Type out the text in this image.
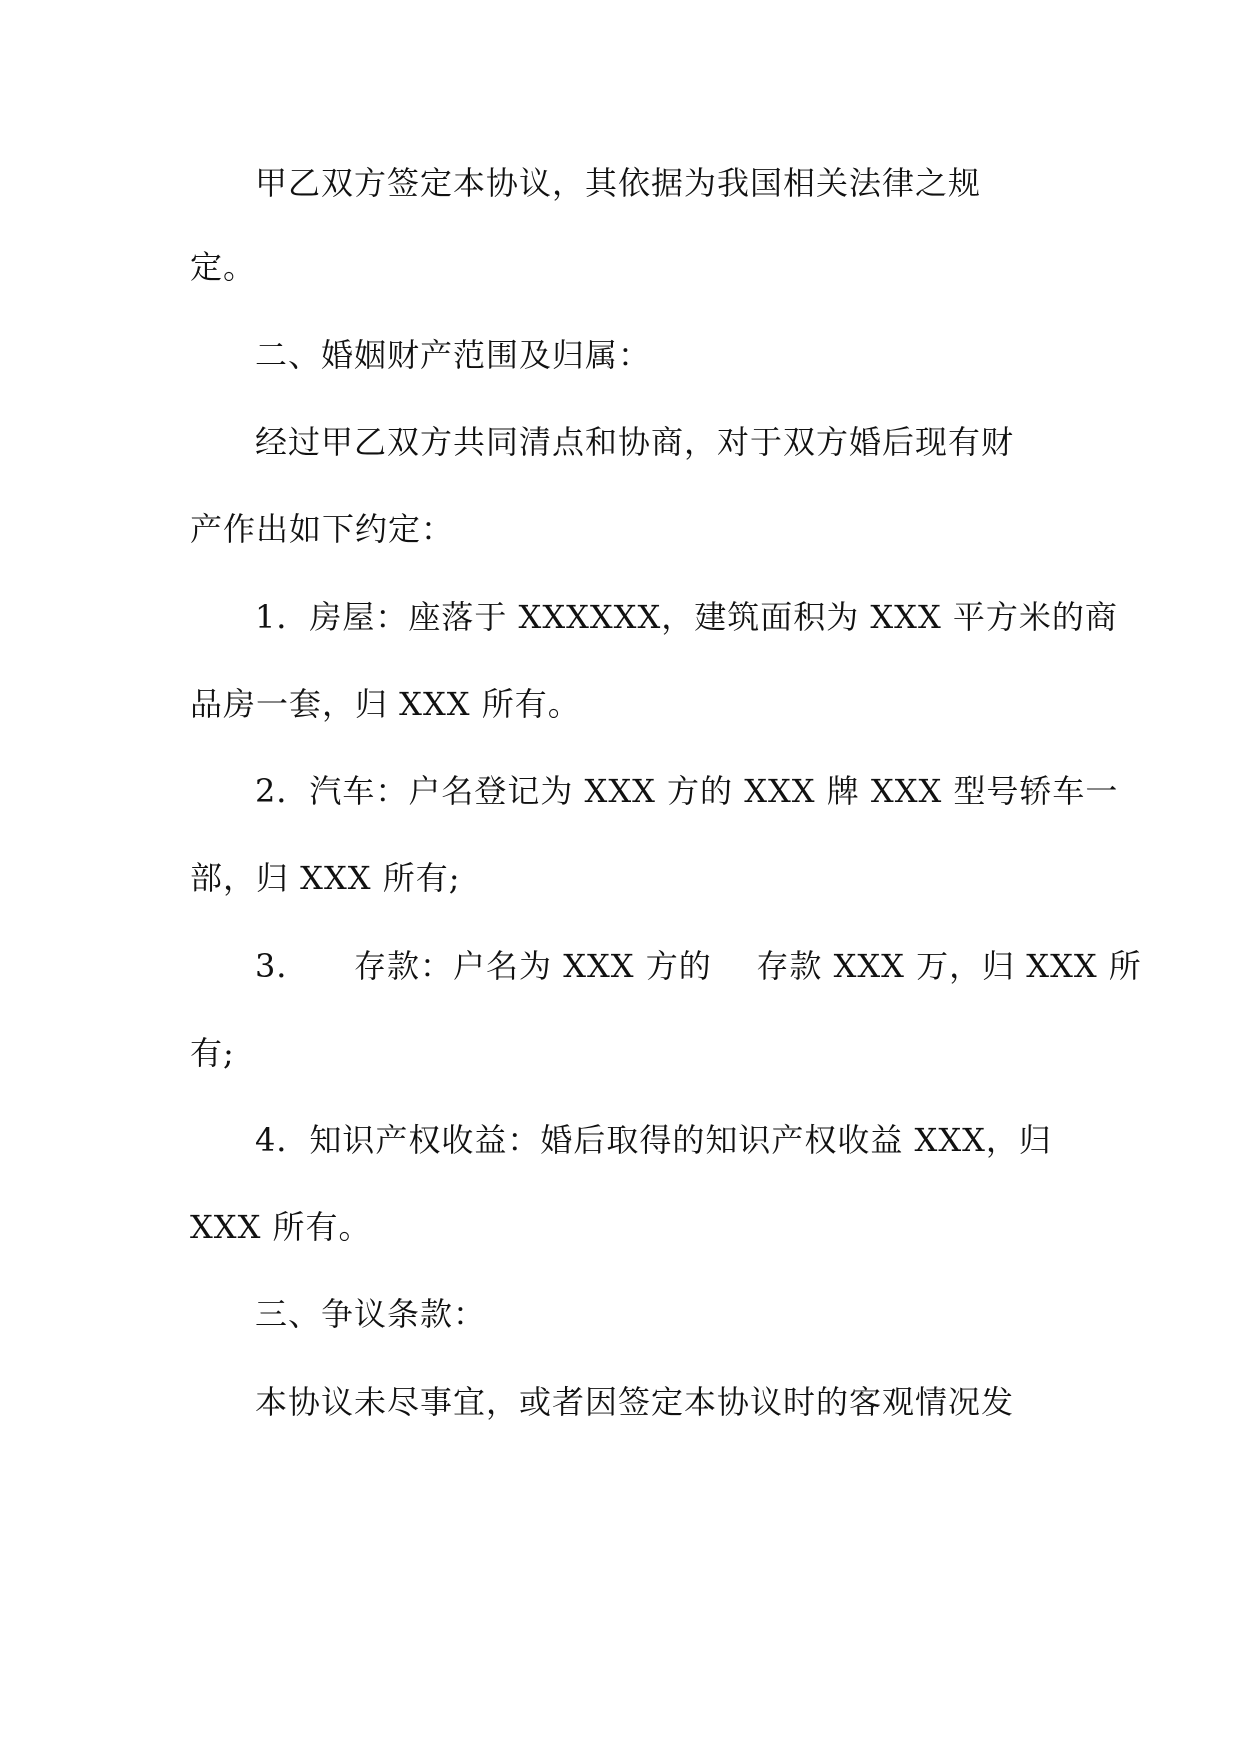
甲乙双方签定本协议，其依据为我国相关法律之规
定。
二、婚姻财产范围及归属：
经过甲乙双方共同清点和协商，对于双方婚后现有财
产作出如下约定：
1．房屋：座落于 XXXXXX，建筑面积为 XXX 平方米的商
品房一套，归 XXX 所有。
2．汽车：户名登记为 XXX 方的 XXX 牌 XXX 型号轿车一
部，归 XXX 所有;
3．    存款：户名为 XXX 方的    存款 XXX 万，归 XXX 所
有;
4．知识产权收益：婚后取得的知识产权收益 XXX，归
XXX 所有。
三、争议条款：
本协议未尽事宜，或者因签定本协议时的客观情况发
